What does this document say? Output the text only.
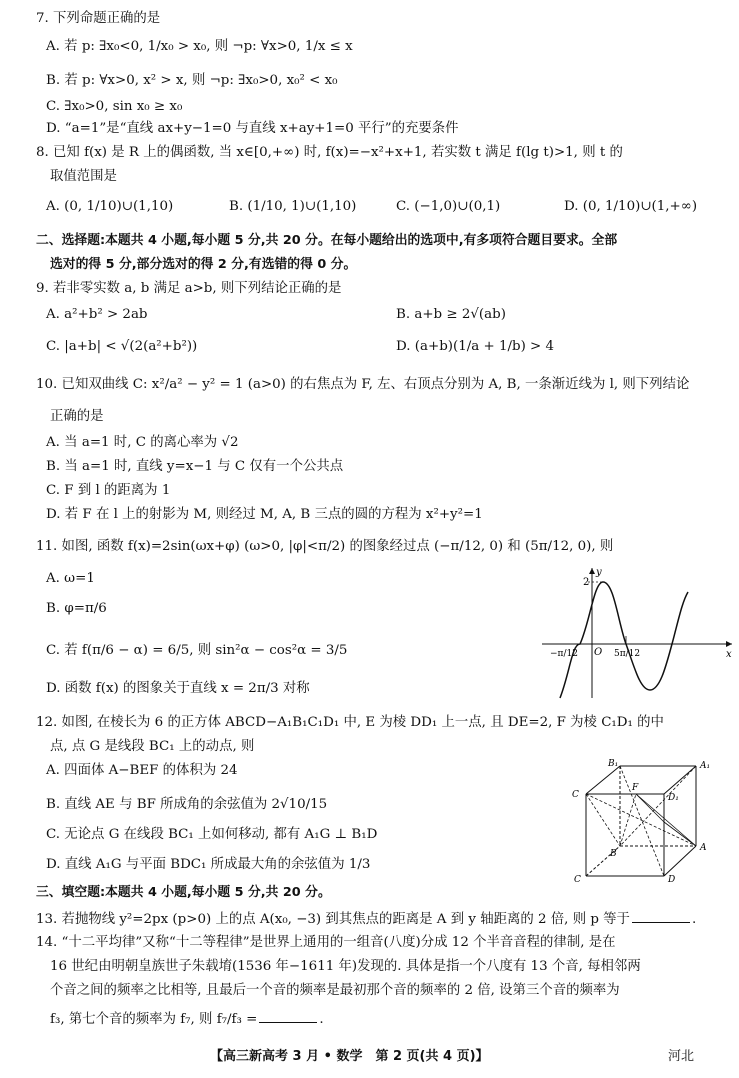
7. 下列命题正确的是
A. 若 p: ∃x₀<0, 1/x₀ > x₀, 则 ¬p: ∀x>0, 1/x ≤ x
B. 若 p: ∀x>0, x² > x, 则 ¬p: ∃x₀>0, x₀² < x₀
C. ∃x₀>0, sin x₀ ≥ x₀
D. “a=1”是“直线 ax+y−1=0 与直线 x+ay+1=0 平行”的充要条件
8. 已知 f(x) 是 R 上的偶函数, 当 x∈[0,+∞) 时, f(x)=−x²+x+1, 若实数 t 满足 f(lg t)>1, 则 t 的
取值范围是
A. (0, 1/10)∪(1,10)	B. (1/10, 1)∪(1,10)	C. (−1,0)∪(0,1)	D. (0, 1/10)∪(1,+∞)
二、选择题:本题共 4 小题,每小题 5 分,共 20 分。在每小题给出的选项中,有多项符合题目要求。全部
选对的得 5 分,部分选对的得 2 分,有选错的得 0 分。
9. 若非零实数 a, b 满足 a>b, 则下列结论正确的是
A. a²+b² > 2ab	B. a+b ≥ 2√(ab)
C. |a+b| < √(2(a²+b²))	D. (a+b)(1/a + 1/b) > 4
10. 已知双曲线 C: x²/a² − y² = 1 (a>0) 的右焦点为 F, 左、右顶点分别为 A, B, 一条渐近线为 l, 则下列结论
正确的是
A. 当 a=1 时, C 的离心率为 √2
B. 当 a=1 时, 直线 y=x−1 与 C 仅有一个公共点
C. F 到 l 的距离为 1
D. 若 F 在 l 上的射影为 M, 则经过 M, A, B 三点的圆的方程为 x²+y²=1
11. 如图, 函数 f(x)=2sin(ωx+φ) (ω>0, |φ|<π/2) 的图象经过点 (−π/12, 0) 和 (5π/12, 0), 则
A. ω=1
B. φ=π/6
C. 若 f(π/6 − α) = 6/5, 则 sin²α − cos²α = 3/5
D. 函数 f(x) 的图象关于直线 x = 2π/3 对称
y
x
2
O
−π/12	5π/12
12. 如图, 在棱长为 6 的正方体 ABCD−A₁B₁C₁D₁ 中, E 为棱 DD₁ 上一点, 且 DE=2, F 为棱 C₁D₁ 的中
点, 点 G 是线段 BC₁ 上的动点, 则
A. 四面体 A−BEF 的体积为 24
B. 直线 AE 与 BF 所成角的余弦值为 2√10/15
C. 无论点 G 在线段 BC₁ 上如何移动, 都有 A₁G ⊥ B₁D
D. 直线 A₁G 与平面 BDC₁ 所成最大角的余弦值为 1/3
B₁	A₁
C	D₁
F
B
A
C	D
三、填空题:本题共 4 小题,每小题 5 分,共 20 分。
13. 若抛物线 y²=2px (p>0) 上的点 A(x₀, −3) 到其焦点的距离是 A 到 y 轴距离的 2 倍, 则 p 等于	.
14. “十二平均律”又称“十二等程律”是世界上通用的一组音(八度)分成 12 个半音音程的律制, 是在
16 世纪由明朝皇族世子朱载堉(1536 年−1611 年)发现的. 具体是指一个八度有 13 个音, 每相邻两
个音之间的频率之比相等, 且最后一个音的频率是最初那个音的频率的 2 倍, 设第三个音的频率为
f₃, 第七个音的频率为 f₇, 则 f₇/f₃ =	.
【高三新高考 3 月 • 数学　第 2 页(共 4 页)】	河北
